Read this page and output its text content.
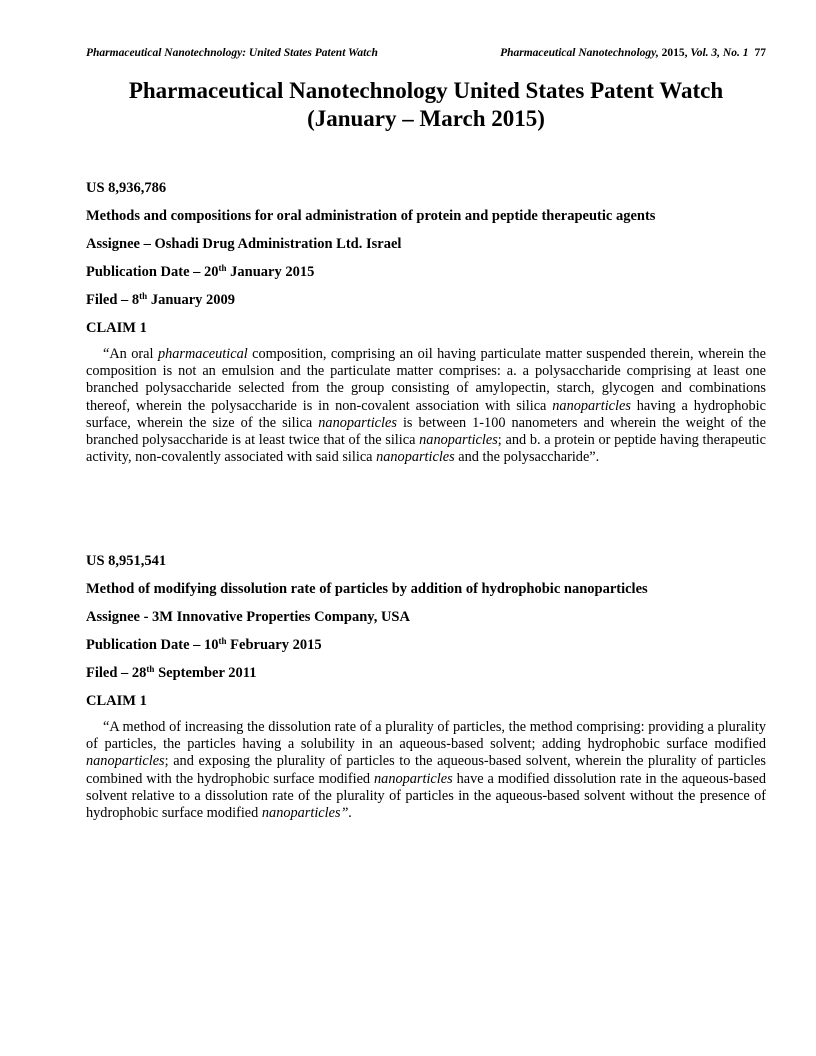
Pharmaceutical Nanotechnology: United States Patent Watch	Pharmaceutical Nanotechnology, 2015, Vol. 3, No. 1 77
Pharmaceutical Nanotechnology United States Patent Watch
(January – March 2015)
US 8,936,786
Methods and compositions for oral administration of protein and peptide therapeutic agents
Assignee – Oshadi Drug Administration Ltd. Israel
Publication Date – 20th January 2015
Filed – 8th January 2009
CLAIM 1

“An oral pharmaceutical composition, comprising an oil having particulate matter suspended therein, wherein the composition is not an emulsion and the particulate matter comprises: a. a polysaccharide comprising at least one branched polysaccharide selected from the group consisting of amylopectin, starch, glycogen and combinations thereof, wherein the polysaccharide is in non-covalent association with silica nanoparticles having a hydrophobic surface, wherein the size of the silica nanoparticles is between 1-100 nanometers and wherein the weight of the branched polysaccharide is at least twice that of the silica nanoparticles; and b. a protein or peptide having therapeutic activity, non-covalently associated with said silica nanoparticles and the polysaccharide”.

US 8,951,541
Method of modifying dissolution rate of particles by addition of hydrophobic nanoparticles
Assignee - 3M Innovative Properties Company, USA
Publication Date – 10th February 2015
Filed – 28th September 2011
CLAIM 1

“A method of increasing the dissolution rate of a plurality of particles, the method comprising: providing a plurality of particles, the particles having a solubility in an aqueous-based solvent; adding hydrophobic surface modified nanoparticles; and exposing the plurality of particles to the aqueous-based solvent, wherein the plurality of particles combined with the hydrophobic surface modified nanoparticles have a modified dissolution rate in the aqueous-based solvent relative to a dissolution rate of the plurality of particles in the aqueous-based solvent without the presence of hydrophobic surface modified nanoparticles”.
